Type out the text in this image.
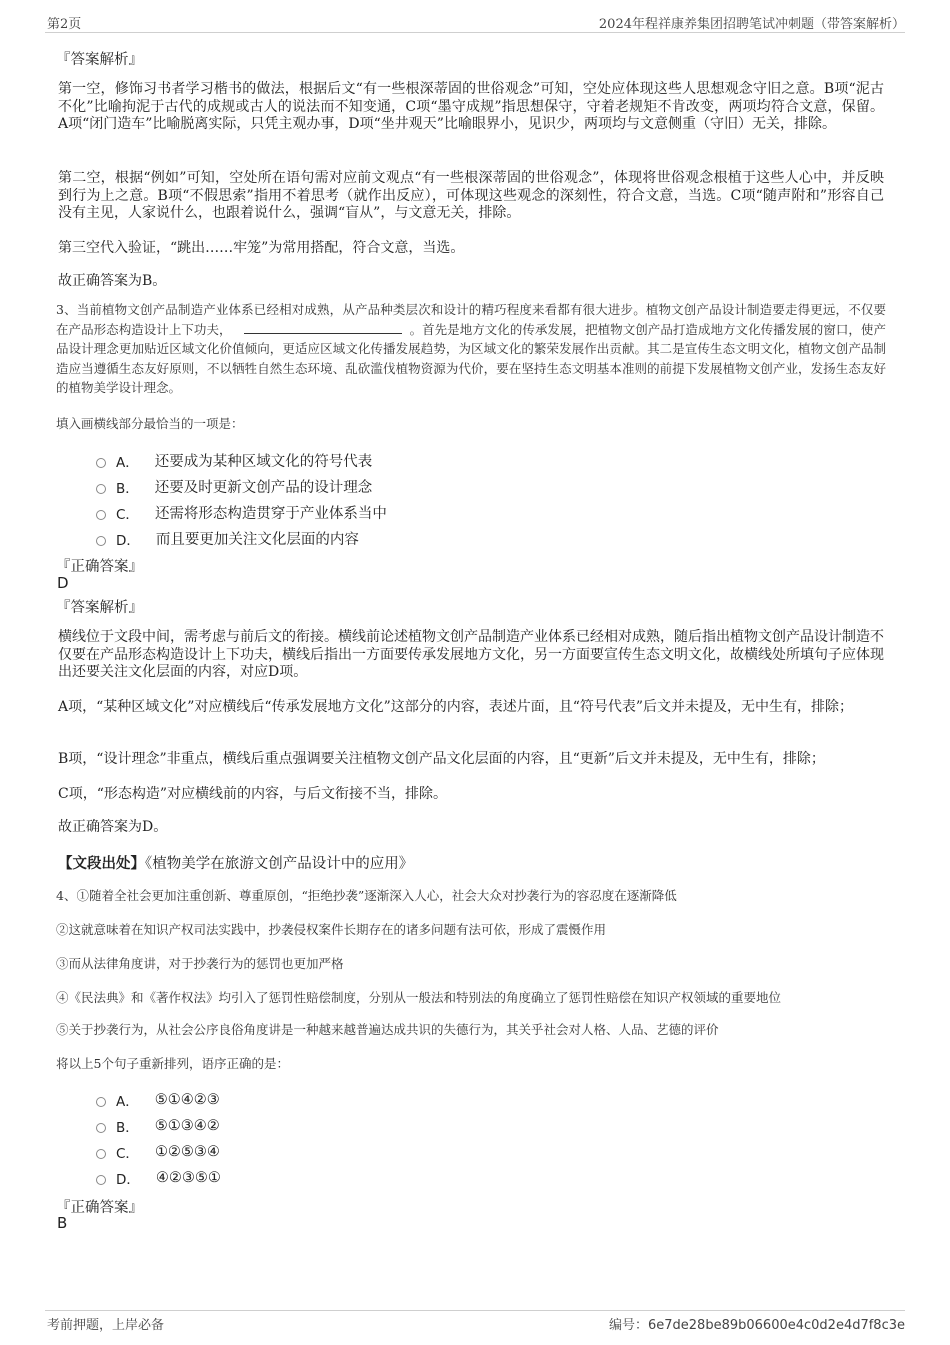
第2页	2024年程祥康养集团招聘笔试冲刺题（带答案解析）
『答案解析』

第一空，修饰习书者学习楷书的做法，根据后文“有一些根深蒂固的世俗观念”可知，空处应体现这些人思想观念守旧之意。B项“泥古不化”比喻拘泥于古代的成规或古人的说法而不知变通，C项“墨守成规”指思想保守，守着老规矩不肯改变，两项均符合文意，保留。A项“闭门造车”比喻脱离实际，只凭主观办事，D项“坐井观天”比喻眼界小，见识少，两项均与文意侧重（守旧）无关，排除。

第二空，根据“例如”可知，空处所在语句需对应前文观点“有一些根深蒂固的世俗观念”，体现将世俗观念根植于这些人心中，并反映到行为上之意。B项“不假思索”指用不着思考（就作出反应），可体现这些观念的深刻性，符合文意，当选。C项“随声附和”形容自己没有主见，人家说什么，也跟着说什么，强调“盲从”，与文意无关，排除。

第三空代入验证，“跳出……牢笼”为常用搭配，符合文意，当选。

故正确答案为B。

3、当前植物文创产品制造产业体系已经相对成熟，从产品种类层次和设计的精巧程度来看都有很大进步。植物文创产品设计制造要走得更远，不仅要在产品形态构造设计上下功夫，	。首先是地方文化的传承发展，把植物文创产品打造成地方文化传播发展的窗口，使产品设计理念更加贴近区域文化价值倾向，更适应区域文化传播发展趋势，为区域文化的繁荣发展作出贡献。其二是宣传生态文明文化，植物文创产品制造应当遵循生态友好原则，不以牺牲自然生态环境、乱砍滥伐植物资源为代价，要在坚持生态文明基本准则的前提下发展植物文创产业，发扬生态友好的植物美学设计理念。

填入画横线部分最恰当的一项是：
A． 还要成为某种区域文化的符号代表
B． 还要及时更新文创产品的设计理念
C． 还需将形态构造贯穿于产业体系当中
D． 而且要更加关注文化层面的内容
『正确答案』
D
『答案解析』

横线位于文段中间，需考虑与前后文的衔接。横线前论述植物文创产品制造产业体系已经相对成熟，随后指出植物文创产品设计制造不仅要在产品形态构造设计上下功夫，横线后指出一方面要传承发展地方文化，另一方面要宣传生态文明文化，故横线处所填句子应体现出还要关注文化层面的内容，对应D项。

A项，“某种区域文化”对应横线后“传承发展地方文化”这部分的内容，表述片面，且“符号代表”后文并未提及，无中生有，排除；

B项，“设计理念”非重点，横线后重点强调要关注植物文创产品文化层面的内容，且“更新”后文并未提及，无中生有，排除；

C项，“形态构造”对应横线前的内容，与后文衔接不当，排除。

故正确答案为D。

【文段出处】《植物美学在旅游文创产品设计中的应用》
4、①随着全社会更加注重创新、尊重原创，“拒绝抄袭”逐渐深入人心，社会大众对抄袭行为的容忍度在逐渐降低
②这就意味着在知识产权司法实践中，抄袭侵权案件长期存在的诸多问题有法可依，形成了震慑作用
③而从法律角度讲，对于抄袭行为的惩罚也更加严格
④《民法典》和《著作权法》均引入了惩罚性赔偿制度，分别从一般法和特别法的角度确立了惩罚性赔偿在知识产权领域的重要地位
⑤关于抄袭行为，从社会公序良俗角度讲是一种越来越普遍达成共识的失德行为，其关乎社会对人格、人品、艺德的评价
将以上5个句子重新排列，语序正确的是：
A． ⑤①④②③
B． ⑤①③④②
C． ①②⑤③④
D． ④②③⑤①
『正确答案』
B
考前押题，上岸必备	编号：6e7de28be89b06600e4c0d2e4d7f8c3e
